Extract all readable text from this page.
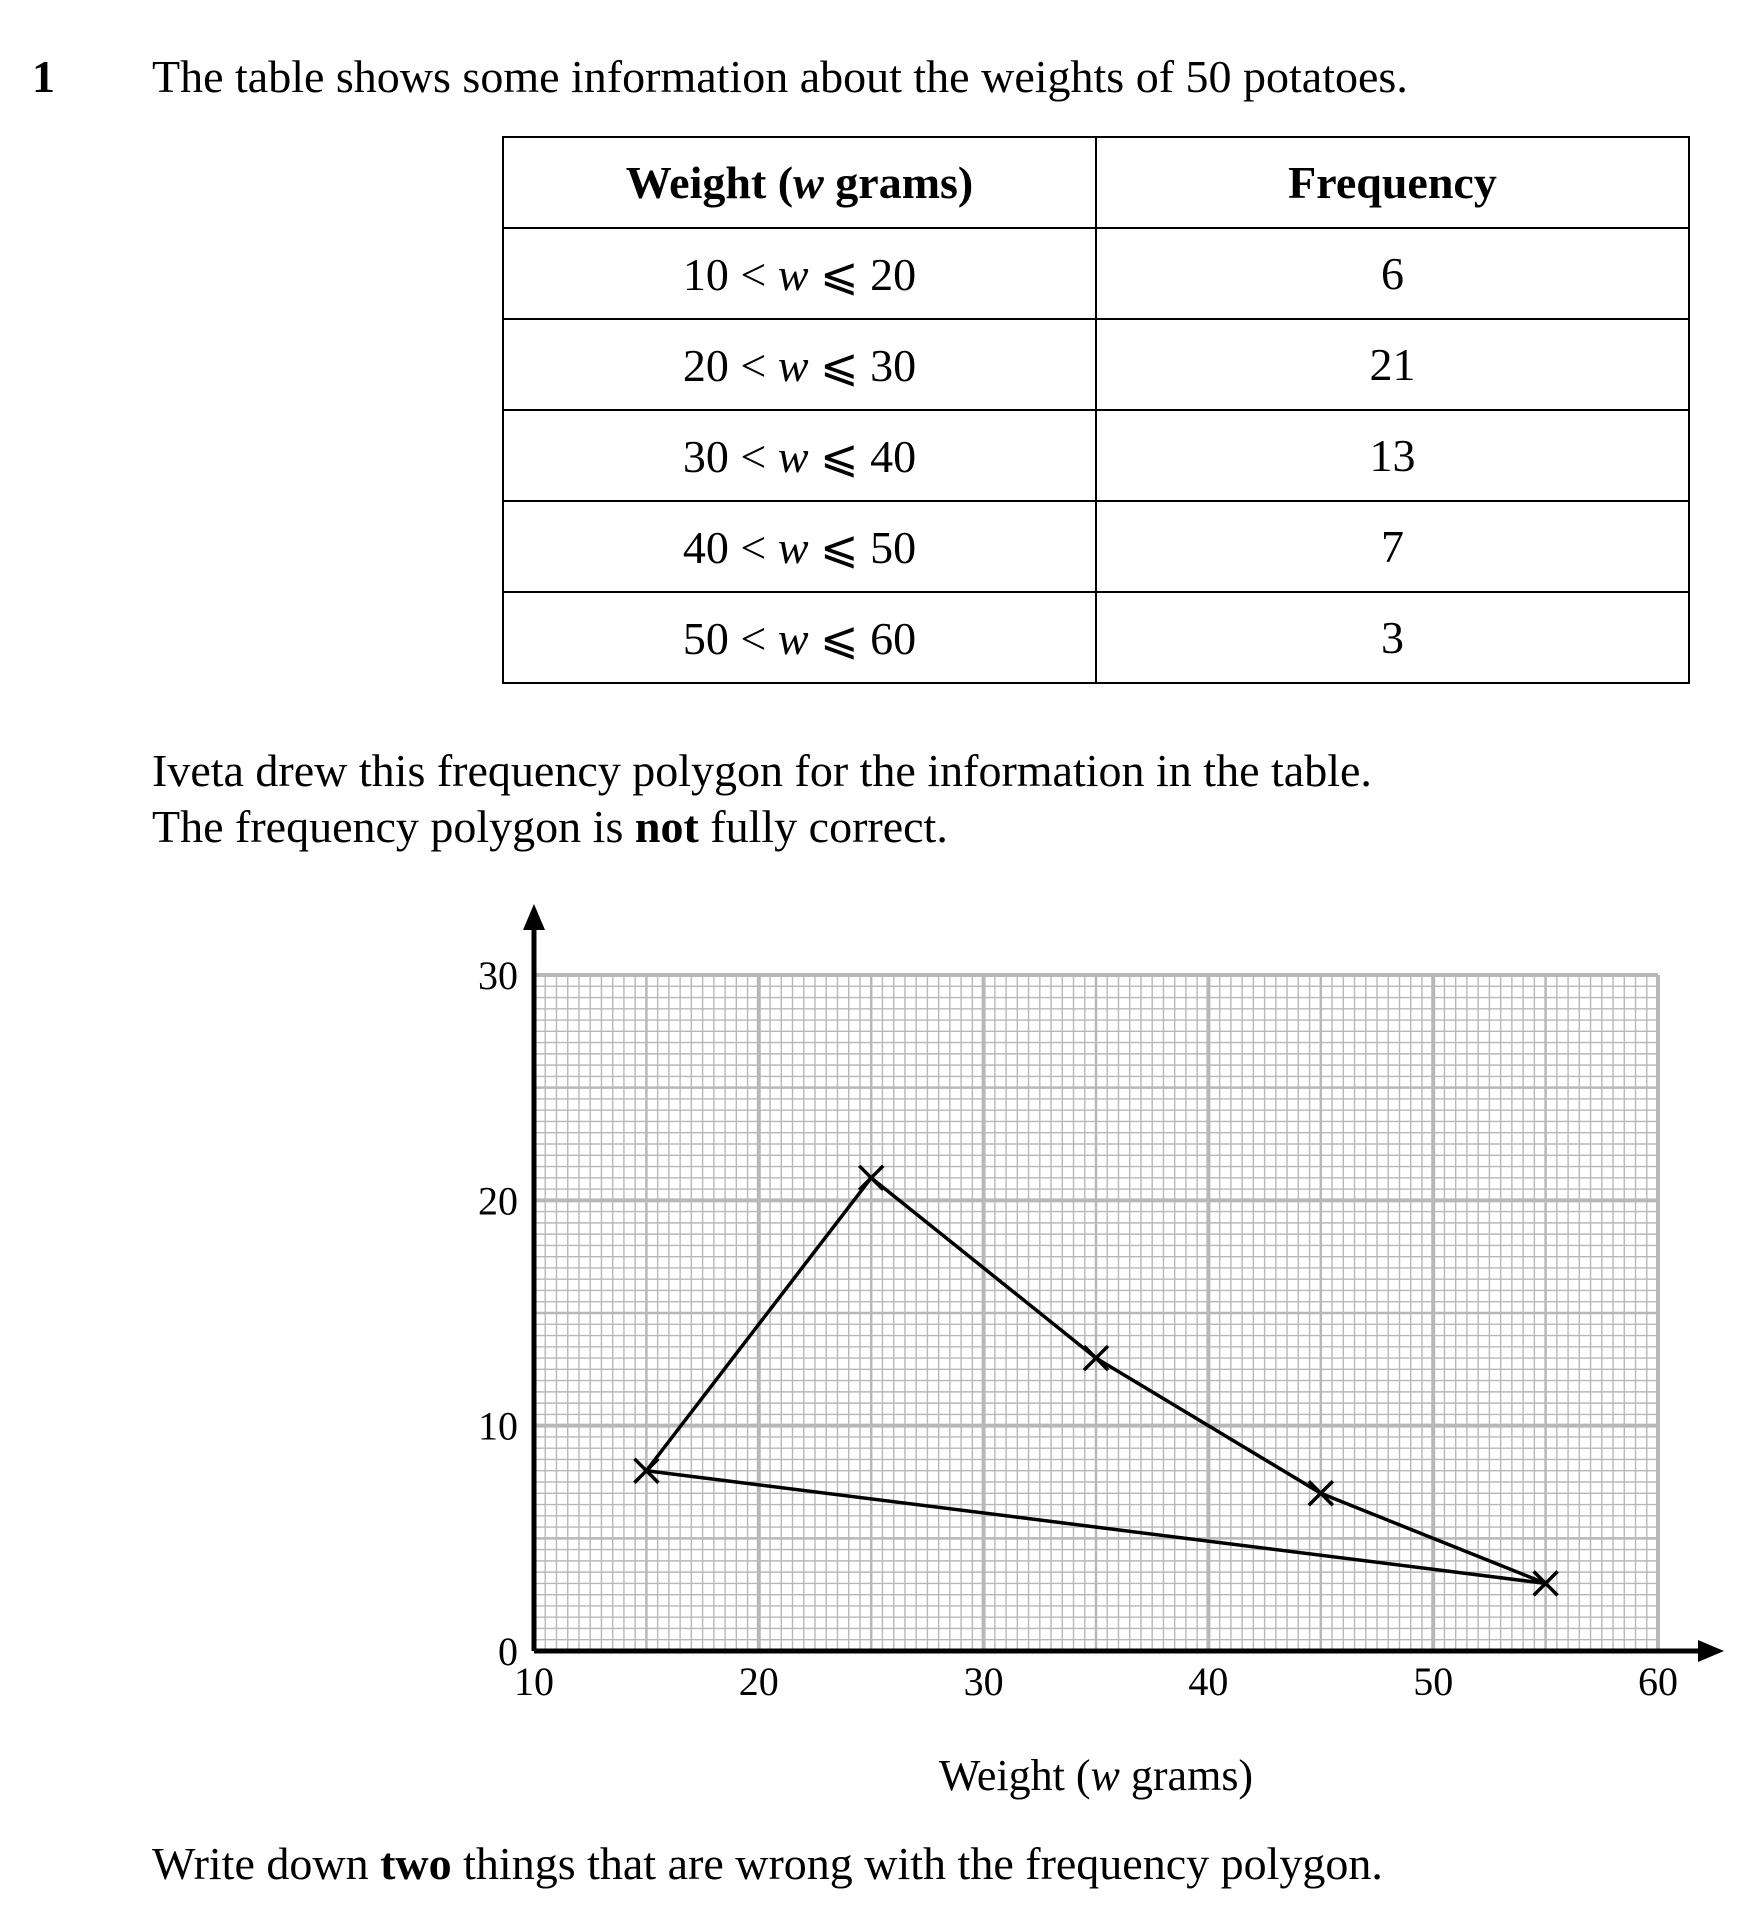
1 The table shows some information about the weights of 50 potatoes.
Weight (w grams)	Frequency
10 < w ⩽ 20	6
20 < w ⩽ 30	21
30 < w ⩽ 40	13
40 < w ⩽ 50	7
50 < w ⩽ 60	3
Iveta drew this frequency polygon for the information in the table.
The frequency polygon is not fully correct.
10	20	30	40	50	60
0
10
20
30
Weight (w grams)
Write down two things that are wrong with the frequency polygon.
